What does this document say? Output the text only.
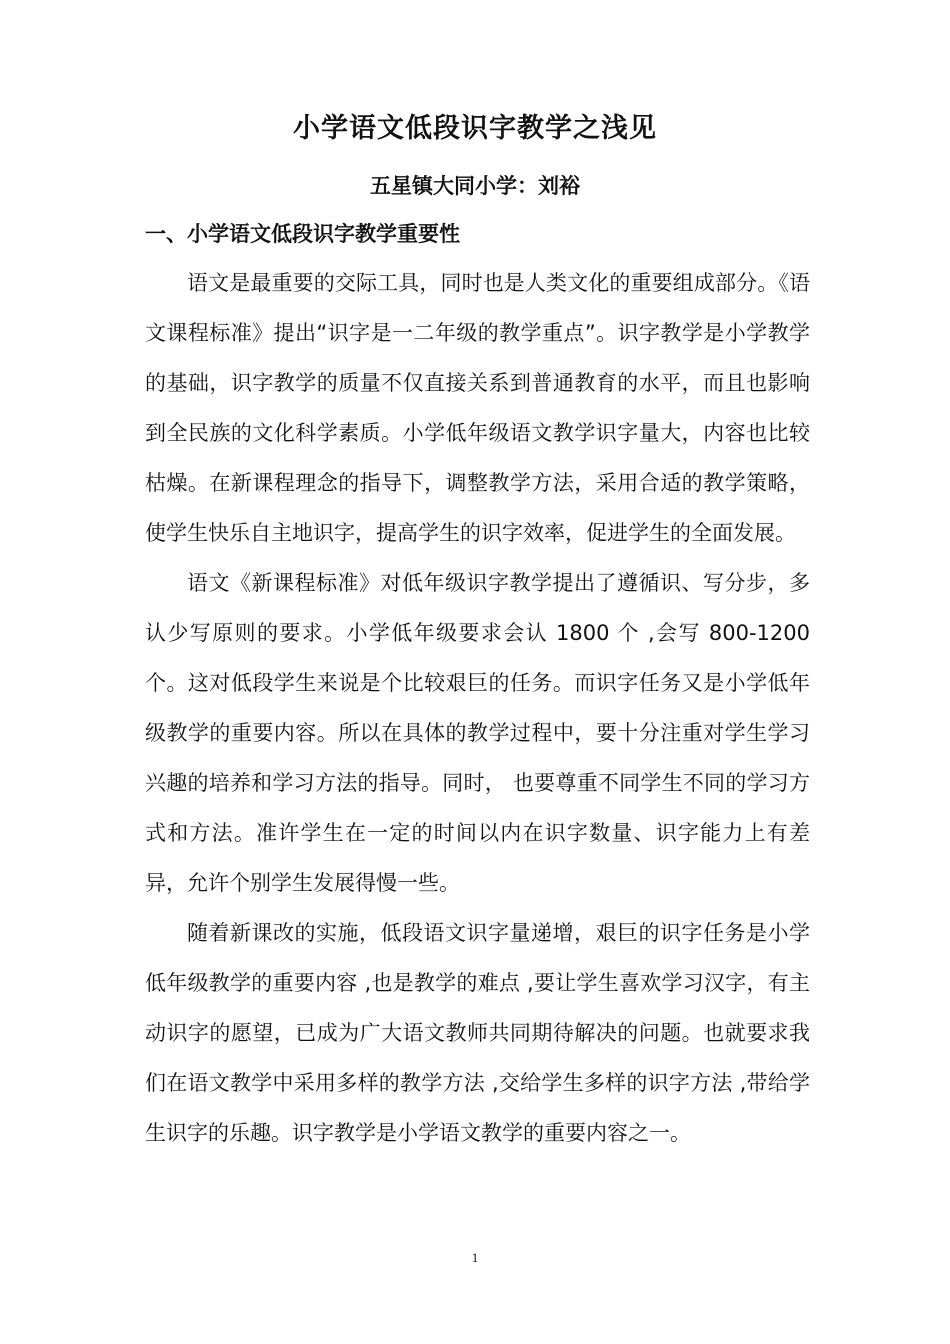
小学语文低段识字教学之浅见
五星镇大同小学：刘裕
一、小学语文低段识字教学重要性

语文是最重要的交际工具，同时也是人类文化的重要组成部分。《语文课程标准》提出“识字是一二年级的教学重点”。识字教学是小学教学的基础，识字教学的质量不仅直接关系到普通教育的水平，而且也影响到全民族的文化科学素质。小学低年级语文教学识字量大，内容也比较枯燥。在新课程理念的指导下，调整教学方法，采用合适的教学策略，使学生快乐自主地识字，提高学生的识字效率，促进学生的全面发展。

语文《新课程标准》对低年级识字教学提出了遵循识、写分步，多认少写原则的要求。小学低年级要求会认 1800 个 ,会写 800-1200 个。这对低段学生来说是个比较艰巨的任务。而识字任务又是小学低年级教学的重要内容。所以在具体的教学过程中，要十分注重对学生学习兴趣的培养和学习方法的指导。同时， 也要尊重不同学生不同的学习方式和方法。准许学生在一定的时间以内在识字数量、识字能力上有差异，允许个别学生发展得慢一些。

随着新课改的实施，低段语文识字量递增，艰巨的识字任务是小学低年级教学的重要内容 ,也是教学的难点 ,要让学生喜欢学习汉字，有主动识字的愿望，已成为广大语文教师共同期待解决的问题。也就要求我们在语文教学中采用多样的教学方法 ,交给学生多样的识字方法 ,带给学生识字的乐趣。识字教学是小学语文教学的重要内容之一。

1
